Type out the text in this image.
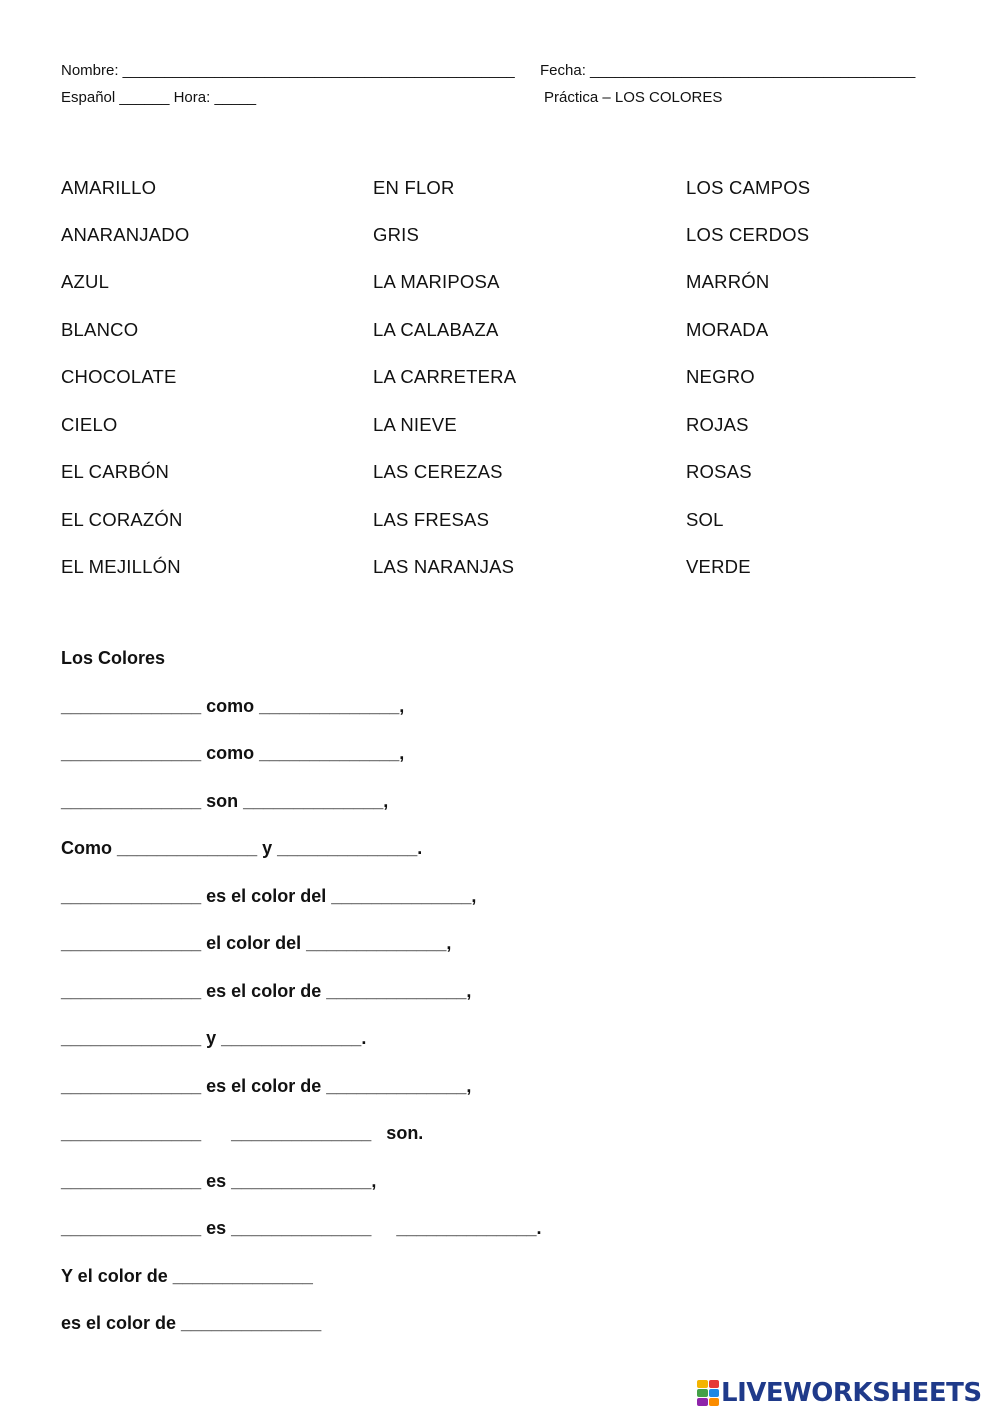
Nombre: _______________________________________________ Fecha: _______________________________________
Español ______ Hora: _____	Práctica – LOS COLORES
AMARILLO
ANARANJADO
AZUL
BLANCO
CHOCOLATE
CIELO
EL CARBÓN
EL CORAZÓN
EL MEJILLÓN
EN FLOR
GRIS
LA MARIPOSA
LA CALABAZA
LA CARRETERA
LA NIEVE
LAS CEREZAS
LAS FRESAS
LAS NARANJAS
LOS CAMPOS
LOS CERDOS
MARRÓN
MORADA
NEGRO
ROJAS
ROSAS
SOL
VERDE
Los Colores
______________ como ______________,
______________ como ______________,
______________ son ______________,
Como ______________ y ______________.
______________ es el color del ______________,
______________ el color del ______________,
______________ es el color de ______________,
______________ y ______________.
______________ es el color de ______________,
______________      ______________   son.
______________ es ______________,
______________ es ______________     ______________.
Y el color de ______________
es el color de ______________
LIVEWORKSHEETS
